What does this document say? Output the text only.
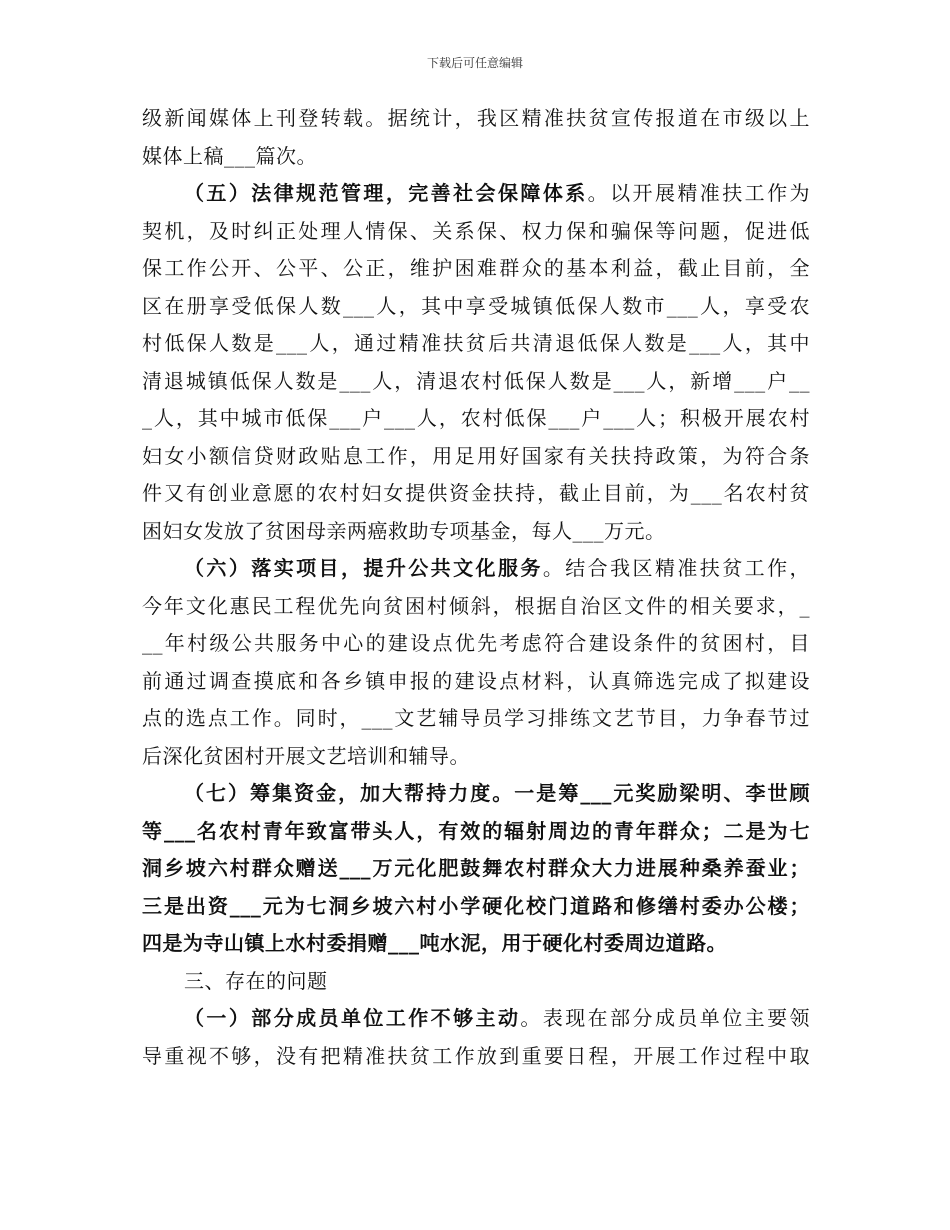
下载后可任意编辑
级新闻媒体上刊登转载。据统计，我区精准扶贫宣传报道在市级以上
媒体上稿___篇次。
（五）法律规范管理，完善社会保障体系。以开展精准扶工作为
契机，及时纠正处理人情保、关系保、权力保和骗保等问题，促进低
保工作公开、公平、公正，维护困难群众的基本利益，截止目前，全
区在册享受低保人数___人，其中享受城镇低保人数市___人，享受农
村低保人数是___人，通过精准扶贫后共清退低保人数是___人，其中
清退城镇低保人数是___人，清退农村低保人数是___人，新增___户__
_人，其中城市低保___户___人，农村低保___户___人；积极开展农村
妇女小额信贷财政贴息工作，用足用好国家有关扶持政策，为符合条
件又有创业意愿的农村妇女提供资金扶持，截止目前，为___名农村贫
困妇女发放了贫困母亲两癌救助专项基金，每人___万元。
（六）落实项目，提升公共文化服务。结合我区精准扶贫工作，
今年文化惠民工程优先向贫困村倾斜，根据自治区文件的相关要求，_
__年村级公共服务中心的建设点优先考虑符合建设条件的贫困村，目
前通过调查摸底和各乡镇申报的建设点材料，认真筛选完成了拟建设
点的选点工作。同时，___文艺辅导员学习排练文艺节目，力争春节过
后深化贫困村开展文艺培训和辅导。
（七）筹集资金，加大帮持力度。一是筹___元奖励梁明、李世顾
等___名农村青年致富带头人，有效的辐射周边的青年群众；二是为七
洞乡坡六村群众赠送___万元化肥鼓舞农村群众大力进展种桑养蚕业；
三是出资___元为七洞乡坡六村小学硬化校门道路和修缮村委办公楼；
四是为寺山镇上水村委捐赠___吨水泥，用于硬化村委周边道路。
三、存在的问题
（一）部分成员单位工作不够主动。表现在部分成员单位主要领
导重视不够，没有把精准扶贫工作放到重要日程，开展工作过程中取
